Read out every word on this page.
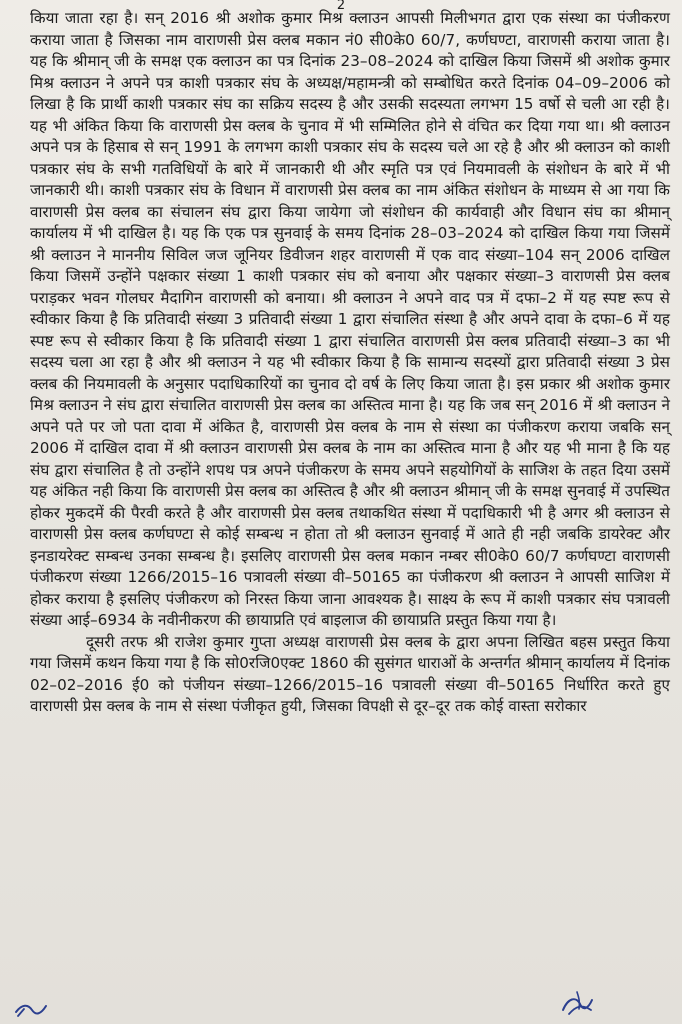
2

किया जाता रहा है। सन् 2016 श्री अशोक कुमार मिश्र क्लाउन आपसी मिलीभगत द्वारा एक संस्था का पंजीकरण कराया जाता है जिसका नाम वाराणसी प्रेस क्लब मकान नं0 सी0के0 60/7, कर्णघण्टा, वाराणसी कराया जाता है। यह कि श्रीमान् जी के समक्ष एक क्लाउन का पत्र दिनांक 23–08–2024 को दाखिल किया जिसमें श्री अशोक कुमार मिश्र क्लाउन ने अपने पत्र काशी पत्रकार संघ के अध्यक्ष/महामन्त्री को सम्बोधित करते दिनांक 04–09–2006 को लिखा है कि प्रार्थी काशी पत्रकार संघ का सक्रिय सदस्य है और उसकी सदस्यता लगभग 15 वर्षो से चली आ रही है। यह भी अंकित किया कि वाराणसी प्रेस क्लब के चुनाव में भी सम्मिलित होने से वंचित कर दिया गया था। श्री क्लाउन अपने पत्र के हिसाब से सन् 1991 के लगभग काशी पत्रकार संघ के सदस्य चले आ रहे है और श्री क्लाउन को काशी पत्रकार संघ के सभी गतविधियों के बारे में जानकारी थी और स्मृति पत्र एवं नियमावली के संशोधन के बारे में भी जानकारी थी। काशी पत्रकार संघ के विधान में वाराणसी प्रेस क्लब का नाम अंकित संशोधन के माध्यम से आ गया कि वाराणसी प्रेस क्लब का संचालन संघ द्वारा किया जायेगा जो संशोधन की कार्यवाही और विधान संघ का श्रीमान् कार्यालय में भी दाखिल है। यह कि एक पत्र सुनवाई के समय दिनांक 28–03–2024 को दाखिल किया गया जिसमें श्री क्लाउन ने माननीय सिविल जज जूनियर डिवीजन शहर वाराणसी में एक वाद संख्या–104 सन् 2006 दाखिल किया जिसमें उन्होंने पक्षकार संख्या 1 काशी पत्रकार संघ को बनाया और पक्षकार संख्या–3 वाराणसी प्रेस क्लब पराड़कर भवन गोलघर मैदागिन वाराणसी को बनाया। श्री क्लाउन ने अपने वाद पत्र में दफा–2 में यह स्पष्ट रूप से स्वीकार किया है कि प्रतिवादी संख्या 3 प्रतिवादी संख्या 1 द्वारा संचालित संस्था है और अपने दावा के दफा–6 में यह स्पष्ट रूप से स्वीकार किया है कि प्रतिवादी संख्या 1 द्वारा संचालित वाराणसी प्रेस क्लब प्रतिवादी संख्या–3 का भी सदस्य चला आ रहा है और श्री क्लाउन ने यह भी स्वीकार किया है कि सामान्य सदस्यों द्वारा प्रतिवादी संख्या 3 प्रेस क्लब की नियमावली के अनुसार पदाधिकारियों का चुनाव दो वर्ष के लिए किया जाता है। इस प्रकार श्री अशोक कुमार मिश्र क्लाउन ने संघ द्वारा संचालित वाराणसी प्रेस क्लब का अस्तित्व माना है। यह कि जब सन् 2016 में श्री क्लाउन ने अपने पते पर जो पता दावा में अंकित है, वाराणसी प्रेस क्लब के नाम से संस्था का पंजीकरण कराया जबकि सन् 2006 में दाखिल दावा में श्री क्लाउन वाराणसी प्रेस क्लब के नाम का अस्तित्व माना है और यह भी माना है कि यह संघ द्वारा संचालित है तो उन्होंने शपथ पत्र अपने पंजीकरण के समय अपने सहयोगियों के साजिश के तहत दिया उसमें यह अंकित नही किया कि वाराणसी प्रेस क्लब का अस्तित्व है और श्री क्लाउन श्रीमान् जी के समक्ष सुनवाई में उपस्थित होकर मुकदमें की पैरवी करते है और वाराणसी प्रेस क्लब तथाकथित संस्था में पदाधिकारी भी है अगर श्री क्लाउन से वाराणसी प्रेस क्लब कर्णघण्टा से कोई सम्बन्ध न होता तो श्री क्लाउन सुनवाई में आते ही नही जबकि डायरेक्ट और इनडायरेक्ट सम्बन्ध उनका सम्बन्ध है। इसलिए वाराणसी प्रेस क्लब मकान नम्बर सी0के0 60/7 कर्णघण्टा वाराणसी पंजीकरण संख्या 1266/2015–16 पत्रावली संख्या वी–50165 का पंजीकरण श्री क्लाउन ने आपसी साजिश में होकर कराया है इसलिए पंजीकरण को निरस्त किया जाना आवश्यक है। साक्ष्य के रूप में काशी पत्रकार संघ पत्रावली संख्या आई–6934 के नवीनीकरण की छायाप्रति एवं बाइलाज की छायाप्रति प्रस्तुत किया गया है।

दूसरी तरफ श्री राजेश कुमार गुप्ता अध्यक्ष वाराणसी प्रेस क्लब के द्वारा अपना लिखित बहस प्रस्तुत किया गया जिसमें कथन किया गया है कि सो0रजि0एक्ट 1860 की सुसंगत धाराओं के अन्तर्गत श्रीमान् कार्यालय में दिनांक 02–02–2016 ई0 को पंजीयन संख्या–1266/2015–16 पत्रावली संख्या वी–50165 निर्धारित करते हुए वाराणसी प्रेस क्लब के नाम से संस्था पंजीकृत हुयी, जिसका विपक्षी से दूर–दूर तक कोई वास्ता सरोकार
